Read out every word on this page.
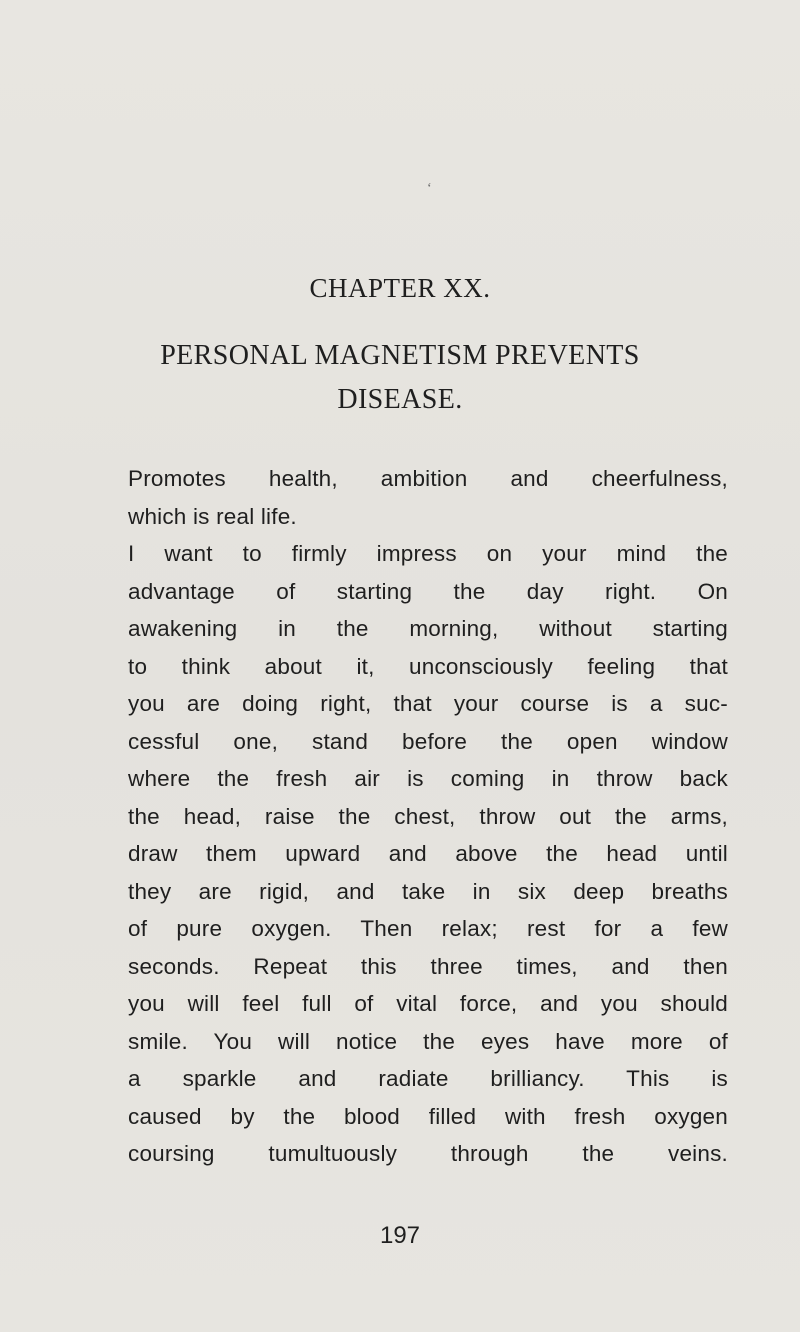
‘
CHAPTER XX.
PERSONAL MAGNETISM PREVENTS
DISEASE.
Promotes health, ambition and cheerfulness,
which is real life.
I want to firmly impress on your mind the
advantage of starting the day right. On
awakening in the morning, without starting
to think about it, unconsciously feeling that
you are doing right, that your course is a suc-
cessful one, stand before the open window
where the fresh air is coming in throw back
the head, raise the chest, throw out the arms,
draw them upward and above the head until
they are rigid, and take in six deep breaths
of pure oxygen. Then relax; rest for a few
seconds. Repeat this three times, and then
you will feel full of vital force, and you should
smile. You will notice the eyes have more of
a sparkle and radiate brilliancy. This is
caused by the blood filled with fresh oxygen
coursing tumultuously through the veins.
197
